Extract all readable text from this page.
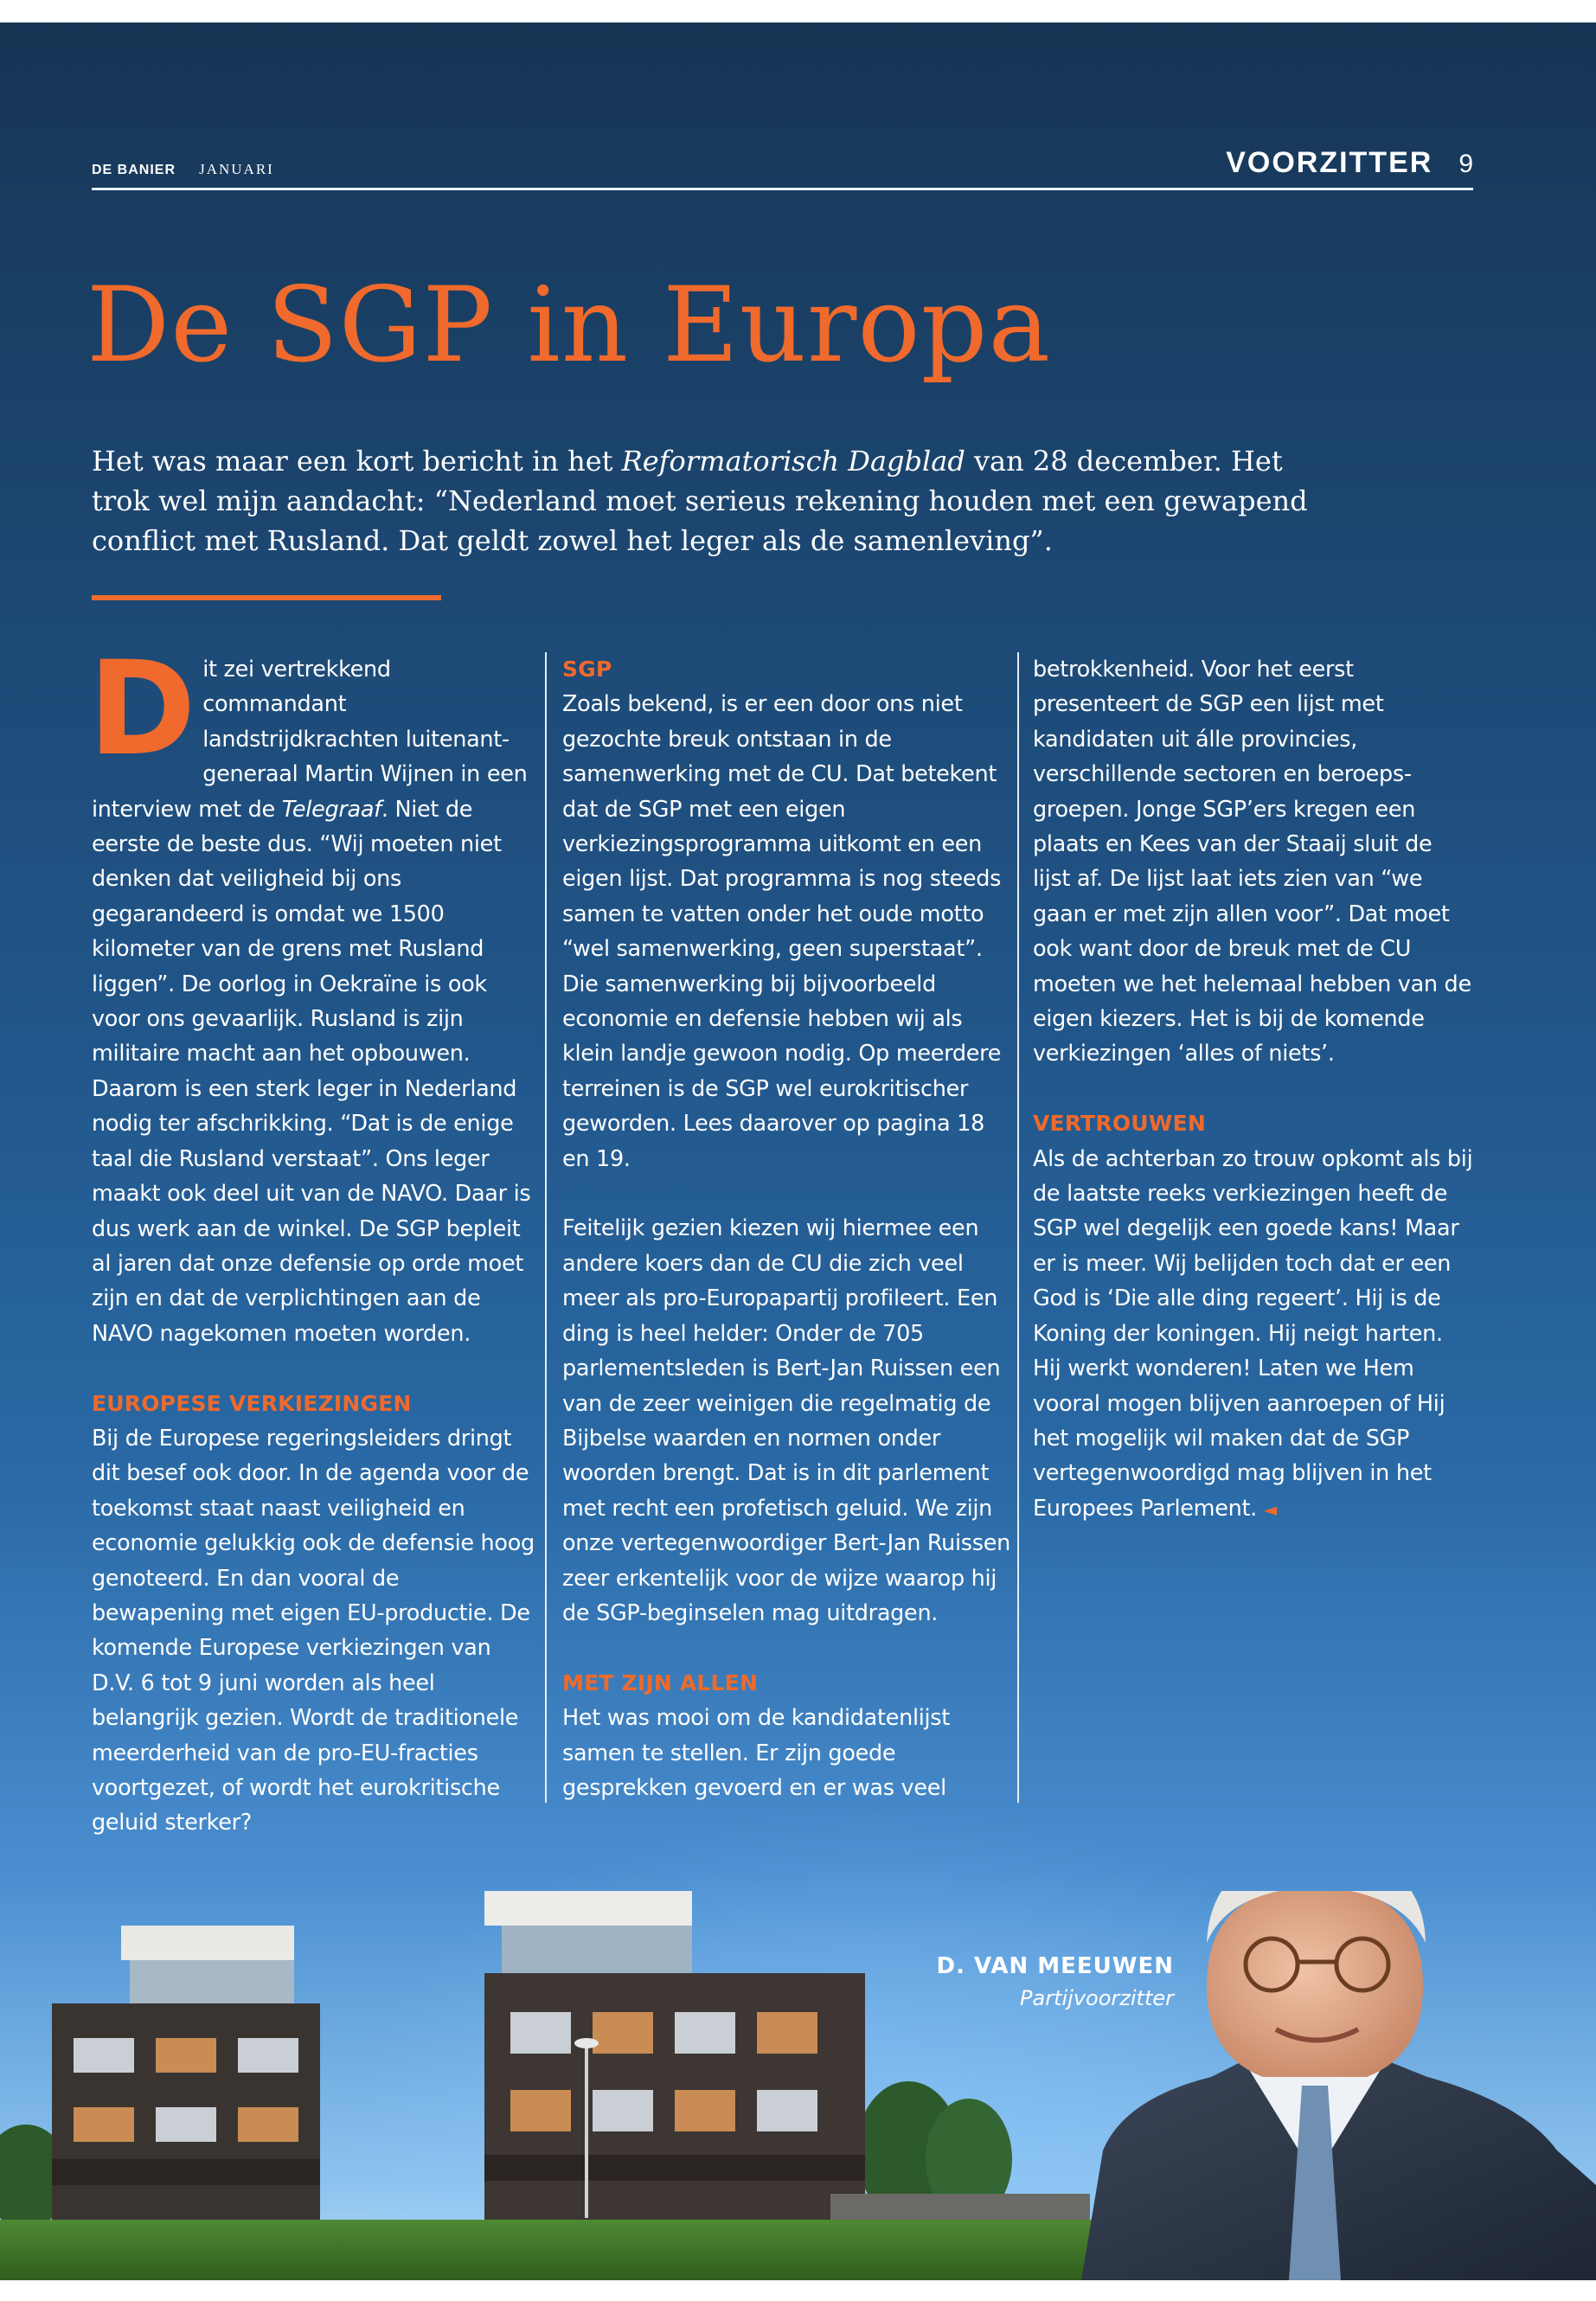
DE BANIER JANUARI	VOORZITTER 9
De SGP in Europa

Het was maar een kort bericht in het Reformatorisch Dagblad van 28 december. Het trok wel mijn aandacht: “Nederland moet serieus rekening houden met een gewapend conflict met Rusland. Dat geldt zowel het leger als de samenleving”.

Dit zei vertrekkend commandant landstrijdkrachten luitenant-generaal Martin Wijnen in een interview met de Telegraaf. Niet de eerste de beste dus. “Wij moeten niet denken dat veiligheid bij ons gegarandeerd is omdat we 1500 kilometer van de grens met Rusland liggen”. De oorlog in Oekraïne is ook voor ons gevaarlijk. Rusland is zijn militaire macht aan het opbouwen. Daarom is een sterk leger in Nederland nodig ter afschrikking. “Dat is de enige taal die Rusland verstaat”. Ons leger maakt ook deel uit van de NAVO. Daar is dus werk aan de winkel. De SGP bepleit al jaren dat onze defensie op orde moet zijn en dat de verplichtingen aan de NAVO nagekomen moeten worden.

EUROPESE VERKIEZINGEN

Bij de Europese regeringsleiders dringt dit besef ook door. In de agenda voor de toekomst staat naast veiligheid en economie gelukkig ook de defensie hoog genoteerd. En dan vooral de bewapening met eigen EU-productie. De komende Europese verkiezingen van D.V. 6 tot 9 juni worden als heel belangrijk gezien. Wordt de traditionele meerderheid van de pro-EU-fracties voortgezet, of wordt het eurokritische geluid sterker?

SGP

Zoals bekend, is er een door ons niet gezochte breuk ontstaan in de samenwerking met de CU. Dat betekent dat de SGP met een eigen verkiezingsprogramma uitkomt en een eigen lijst. Dat programma is nog steeds samen te vatten onder het oude motto “wel samenwerking, geen superstaat”. Die samenwerking bij bijvoorbeeld economie en defensie hebben wij als klein landje gewoon nodig. Op meerdere terreinen is de SGP wel eurokritischer geworden. Lees daarover op pagina 18 en 19.

Feitelijk gezien kiezen wij hiermee een andere koers dan de CU die zich veel meer als pro-Europapartij profileert. Een ding is heel helder: Onder de 705 parlementsleden is Bert-Jan Ruissen een van de zeer weinigen die regelmatig de Bijbelse waarden en normen onder woorden brengt. Dat is in dit parlement met recht een profetisch geluid. We zijn onze vertegenwoordiger Bert-Jan Ruissen zeer erkentelijk voor de wijze waarop hij de SGP-beginselen mag uitdragen.

MET ZIJN ALLEN

Het was mooi om de kandidatenlijst samen te stellen. Er zijn goede gesprekken gevoerd en er was veel

betrokkenheid. Voor het eerst presenteert de SGP een lijst met kandidaten uit álle provincies, verschillende sectoren en beroeps-groepen. Jonge SGP’ers kregen een plaats en Kees van der Staaij sluit de lijst af. De lijst laat iets zien van “we gaan er met zijn allen voor”. Dat moet ook want door de breuk met de CU moeten we het helemaal hebben van de eigen kiezers. Het is bij de komende verkiezingen ‘alles of niets’.

VERTROUWEN

Als de achterban zo trouw opkomt als bij de laatste reeks verkiezingen heeft de SGP wel degelijk een goede kans! Maar er is meer. Wij belijden toch dat er een God is ‘Die alle ding regeert’. Hij is de Koning der koningen. Hij neigt harten. Hij werkt wonderen! Laten we Hem vooral mogen blijven aanroepen of Hij het mogelijk wil maken dat de SGP vertegenwoordigd mag blijven in het Europees Parlement. ◄

D. VAN MEEUWEN
Partijvoorzitter
